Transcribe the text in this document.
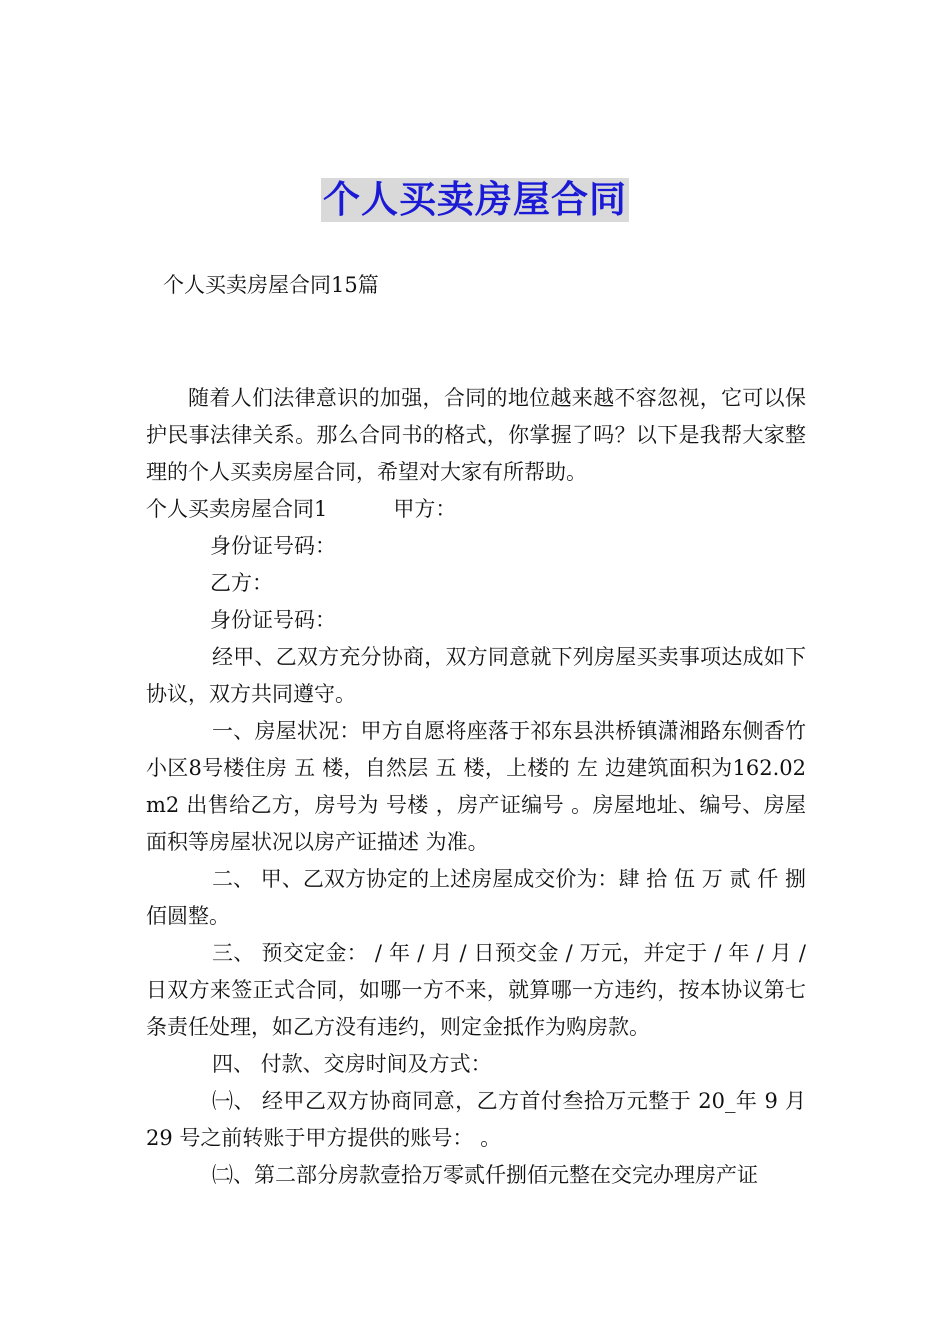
个人买卖房屋合同
个人买卖房屋合同15篇

随着人们法律意识的加强，合同的地位越来越不容忽视，它可以保护民事法律关系。那么合同书的格式，你掌握了吗？以下是我帮大家整理的个人买卖房屋合同，希望对大家有所帮助。

个人买卖房屋合同1	甲方：

身份证号码：

乙方：

身份证号码：

经甲、乙双方充分协商，双方同意就下列房屋买卖事项达成如下协议，双方共同遵守。

一、房屋状况：甲方自愿将座落于祁东县洪桥镇潇湘路东侧香竹小区8号楼住房 五 楼，自然层 五 楼，上楼的 左 边建筑面积为162.02 m2 出售给乙方，房号为 号楼 ，房产证编号 。房屋地址、编号、房屋面积等房屋状况以房产证描述 为准。

二、 甲、乙双方协定的上述房屋成交价为：肆 拾 伍 万 贰 仟 捌 佰圆整。

三、 预交定金： / 年 / 月 / 日预交金 / 万元，并定于 / 年 / 月 / 日双方来签正式合同，如哪一方不来，就算哪一方违约，按本协议第七条责任处理，如乙方没有违约，则定金抵作为购房款。

四、 付款、交房时间及方式：

㈠、 经甲乙双方协商同意，乙方首付叁拾万元整于 20_年 9 月 29 号之前转账于甲方提供的账号： 。

㈡、第二部分房款壹拾万零贰仟捌佰元整在交完办理房产证
